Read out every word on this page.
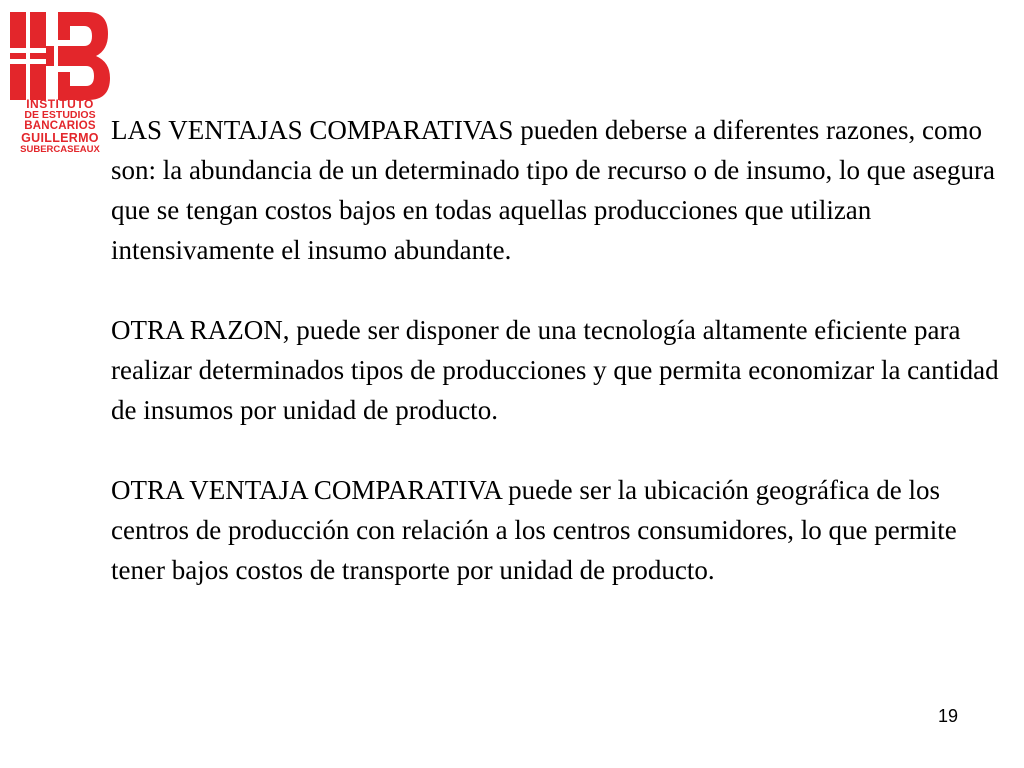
INSTITUTO
DE ESTUDIOS
BANCARIOS
GUILLERMO
SUBERCASEAUX

LAS VENTAJAS COMPARATIVAS pueden deberse a diferentes razones, como son: la abundancia de un determinado tipo de recurso o de insumo, lo que asegura que se tengan costos bajos en todas aquellas producciones que utilizan intensivamente el insumo abundante.

OTRA RAZON, puede ser disponer de una tecnología altamente eficiente para realizar determinados tipos de producciones y que permita economizar la cantidad de insumos por unidad de producto.

OTRA VENTAJA COMPARATIVA puede ser la ubicación geográfica de los centros de producción con relación a los centros consumidores, lo que permite tener bajos costos de transporte por unidad de producto.

19
